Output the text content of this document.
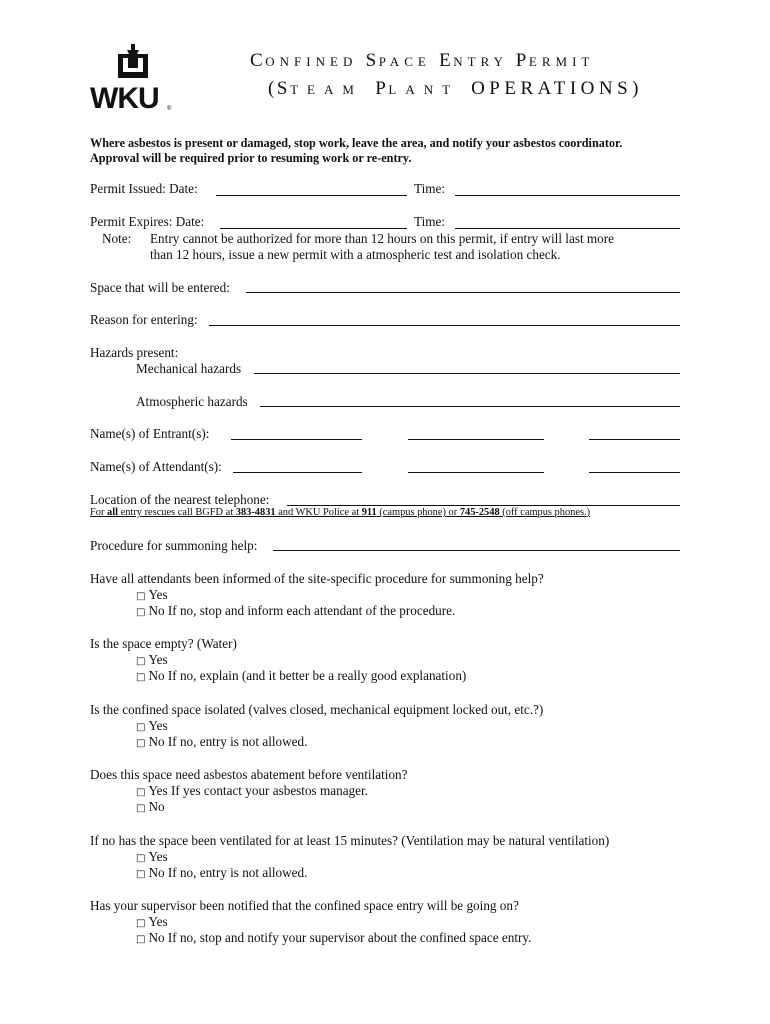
WKU ®
CONFINED SPACE ENTRY PERMIT
(STEAM PLANT OPERATIONS)
Where asbestos is present or damaged, stop work, leave the area, and notify your asbestos coordinator.
Approval will be required prior to resuming work or re-entry.
Permit Issued: Date:	Time:
Permit Expires: Date:	Time:
Note: Entry cannot be authorized for more than 12 hours on this permit, if entry will last more
than 12 hours, issue a new permit with a atmospheric test and isolation check.
Space that will be entered:
Reason for entering:
Hazards present:
Mechanical hazards
Atmospheric hazards
Name(s) of Entrant(s):
Name(s) of Attendant(s):
Location of the nearest telephone:
For all entry rescues call BGFD at 383-4831 and WKU Police at 911 (campus phone) or 745-2548 (off campus phones.)
Procedure for summoning help:
Have all attendants been informed of the site-specific procedure for summoning help?
□ Yes
□ No If no, stop and inform each attendant of the procedure.
Is the space empty? (Water)
□ Yes
□ No If no, explain (and it better be a really good explanation)
Is the confined space isolated (valves closed, mechanical equipment locked out, etc.?)
□ Yes
□ No If no, entry is not allowed.
Does this space need asbestos abatement before ventilation?
□ Yes If yes contact your asbestos manager.
□ No
If no has the space been ventilated for at least 15 minutes? (Ventilation may be natural ventilation)
□ Yes
□ No If no, entry is not allowed.
Has your supervisor been notified that the confined space entry will be going on?
□ Yes
□ No If no, stop and notify your supervisor about the confined space entry.
